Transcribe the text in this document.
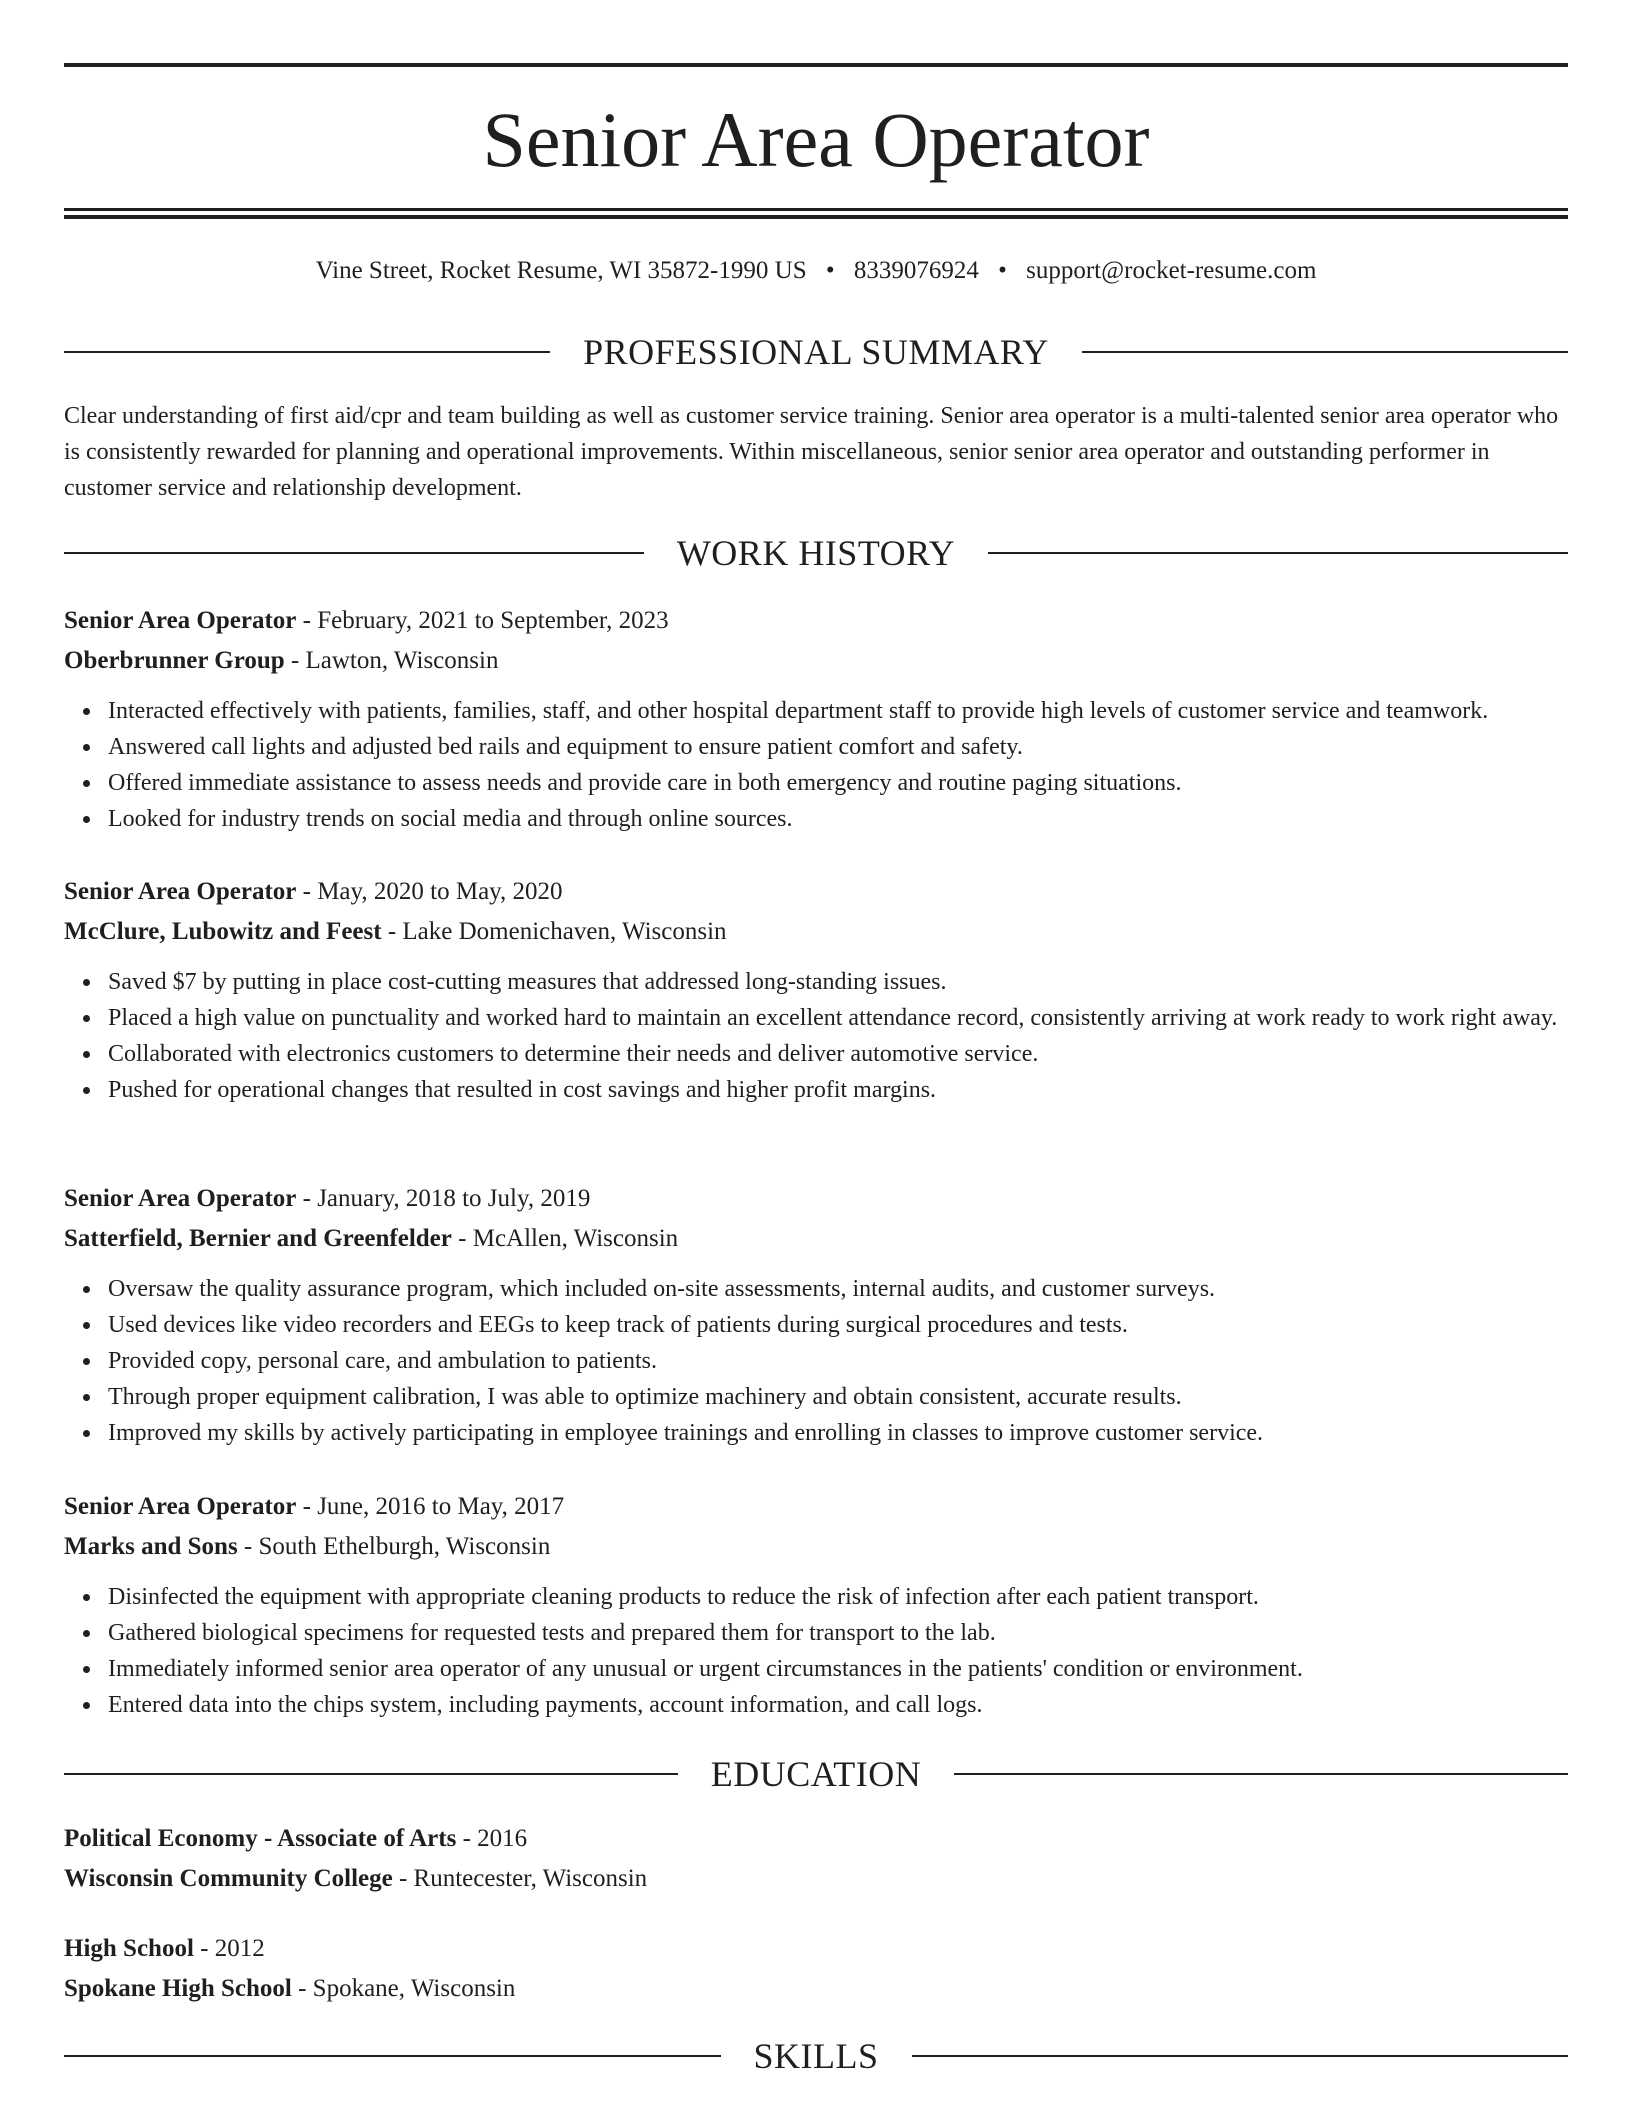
Senior Area Operator
Vine Street, Rocket Resume, WI 35872-1990 US • 8339076924 • support@rocket-resume.com
PROFESSIONAL SUMMARY
Clear understanding of first aid/cpr and team building as well as customer service training. Senior area operator is a multi-talented senior area operator who is consistently rewarded for planning and operational improvements. Within miscellaneous, senior senior area operator and outstanding performer in customer service and relationship development.
WORK HISTORY
Senior Area Operator - February, 2021 to September, 2023
Oberbrunner Group - Lawton, Wisconsin
Interacted effectively with patients, families, staff, and other hospital department staff to provide high levels of customer service and teamwork.
Answered call lights and adjusted bed rails and equipment to ensure patient comfort and safety.
Offered immediate assistance to assess needs and provide care in both emergency and routine paging situations.
Looked for industry trends on social media and through online sources.
Senior Area Operator - May, 2020 to May, 2020
McClure, Lubowitz and Feest - Lake Domenichaven, Wisconsin
Saved $7 by putting in place cost-cutting measures that addressed long-standing issues.
Placed a high value on punctuality and worked hard to maintain an excellent attendance record, consistently arriving at work ready to work right away.
Collaborated with electronics customers to determine their needs and deliver automotive service.
Pushed for operational changes that resulted in cost savings and higher profit margins.
Senior Area Operator - January, 2018 to July, 2019
Satterfield, Bernier and Greenfelder - McAllen, Wisconsin
Oversaw the quality assurance program, which included on-site assessments, internal audits, and customer surveys.
Used devices like video recorders and EEGs to keep track of patients during surgical procedures and tests.
Provided copy, personal care, and ambulation to patients.
Through proper equipment calibration, I was able to optimize machinery and obtain consistent, accurate results.
Improved my skills by actively participating in employee trainings and enrolling in classes to improve customer service.
Senior Area Operator - June, 2016 to May, 2017
Marks and Sons - South Ethelburgh, Wisconsin
Disinfected the equipment with appropriate cleaning products to reduce the risk of infection after each patient transport.
Gathered biological specimens for requested tests and prepared them for transport to the lab.
Immediately informed senior area operator of any unusual or urgent circumstances in the patients' condition or environment.
Entered data into the chips system, including payments, account information, and call logs.
EDUCATION
Political Economy - Associate of Arts - 2016
Wisconsin Community College - Runtecester, Wisconsin
High School - 2012
Spokane High School - Spokane, Wisconsin
SKILLS
